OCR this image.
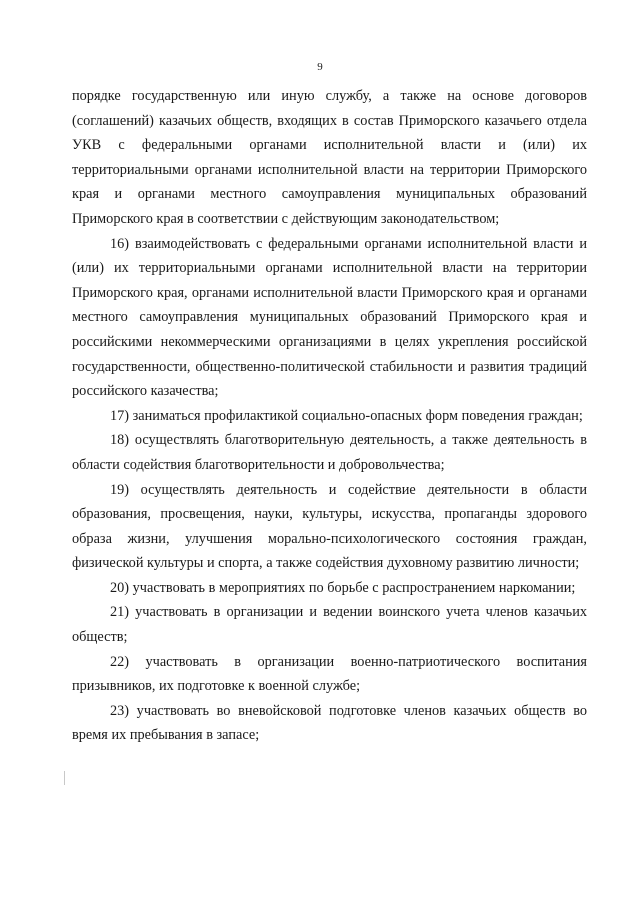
9

порядке государственную или иную службу, а также на основе договоров (соглашений) казачьих обществ, входящих в состав Приморского казачьего отдела УКВ с федеральными органами исполнительной власти и (или) их территориальными органами исполнительной власти на территории Приморского края и органами местного самоуправления муниципальных образований Приморского края в соответствии с действующим законодательством;

16) взаимодействовать с федеральными органами исполнительной власти и (или) их территориальными органами исполнительной власти на территории Приморского края, органами исполнительной власти Приморского края и органами местного самоуправления муниципальных образований Приморского края и российскими некоммерческими организациями в целях укрепления российской государственности, общественно-политической стабильности и развития традиций российского казачества;

17) заниматься профилактикой социально-опасных форм поведения граждан;

18) осуществлять благотворительную деятельность, а также деятельность в области содействия благотворительности и добровольчества;

19) осуществлять деятельность и содействие деятельности в области образования, просвещения, науки, культуры, искусства, пропаганды здорового образа жизни, улучшения морально-психологического состояния граждан, физической культуры и спорта, а также содействия духовному развитию личности;

20) участвовать в мероприятиях по борьбе с распространением наркомании;

21) участвовать в организации и ведении воинского учета членов казачьих обществ;

22) участвовать в организации военно-патриотического воспитания призывников, их подготовке к военной службе;

23) участвовать во вневойсковой подготовке членов казачьих обществ во время их пребывания в запасе;
